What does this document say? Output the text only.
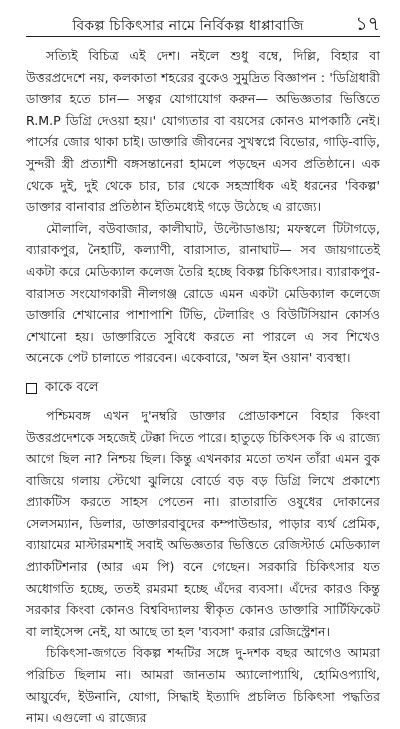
বিকল্প চিকিৎসার নামে নির্বিকল্প ধাপ্পাবাজি	১৭

সত্যিই বিচিত্র এই দেশ। নইলে শুধু বম্বে, দিল্লি, বিহার বা উত্তরপ্রদেশে নয়, কলকাতা শহরের বুকেও সুমুদ্রিত বিজ্ঞাপন : 'ডিগ্রিধারী ডাক্তার হতে চান— সত্বর যোগাযোগ করুন— অভিজ্ঞতার ভিত্তিতে R.M.P ডিগ্রি দেওয়া হয়।' যোগ্যতার বা বয়সের কোনও মাপকাঠি নেই। পার্সের জোর থাকা চাই। ডাক্তারি জীবনের সুখস্বপ্নে বিভোর, গাড়ি-বাড়ি, সুন্দরী স্ত্রী প্রত্যাশী বঙ্গসন্তানেরা হামলে পড়ছেন এসব প্রতিষ্ঠানে। এক থেকে দুই, দুই থেকে চার, চার থেকে সহস্রাধিক এই ধরনের 'বিকল্প' ডাক্তার বানাবার প্রতিষ্ঠান ইতিমধ্যেই গড়ে উঠেছে এ রাজ্যে।

মৌলালি, বউবাজার, কালীঘাট, উল্টোডাঙায়; মফস্বলে টিটাগড়ে, ব্যারাকপুর, নৈহাটি, কল্যাণী, বারাসাত, রানাঘাট— সব জায়গাতেই একটা করে মেডিক্যাল কলেজ তৈরি হচ্ছে বিকল্প চিকিৎসার। ব্যারাকপুর-বারাসত সংযোগকারী নীলগঞ্জ রোডে এমন একটা মেডিক্যাল কলেজে ডাক্তারি শেখানোর পাশাপাশি টিভি, টেলারিং ও বিউটিসিয়ান কোর্সও শেখানো হয়। ডাক্তারিতে সুবিধে করতে না পারলে এ সব শিখেও অনেকে পেট চালাতে পারবেন। একেবারে, 'অল ইন ওয়ান' ব্যবস্থা।

কাকে বলে

পশ্চিমবঙ্গ এখন দু'নম্বরি ডাক্তার প্রোডাকশনে বিহার কিংবা উত্তরপ্রদেশকে সহজেই টেক্কা দিতে পারে। হাতুড়ে চিকিৎসক কি এ রাজ্যে আগে ছিল না? নিশ্চয় ছিল। কিন্তু এখনকার মতো তখন তাঁরা এমন বুক বাজিয়ে গলায় স্টেথো ঝুলিয়ে বোর্ডে বড় বড় ডিগ্রি লিখে প্রকাশ্যে প্র্যাকটিস করতে সাহস পেতেন না। রাতারাতি ওষুধের দোকানের সেলসম্যান, ডিলার, ডাক্তারবাবুদের কম্পাউন্ডার, পাড়ার ব্যর্থ প্রেমিক, ব্যায়ামের মাস্টারমশাই সবাই অভিজ্ঞতার ভিত্তিতে রেজিস্টার্ড মেডিক্যাল প্র্যাকটিশনার (আর এম পি) বনে গেছেন। সরকারি চিকিৎসার যত অধোগতি হচ্ছে, ততই রমরমা হচ্ছে এঁদের ব্যবসা। এঁদের কারও কিন্তু সরকার কিংবা কোনও বিশ্ববিদ্যালয় স্বীকৃত কোনও ডাক্তারি সার্টিফিকেট বা লাইসেন্স নেই, যা আছে তা হল 'ব্যবসা' করার রেজিস্ট্রেশন।

চিকিৎসা-জগতে বিকল্প শব্দটির সঙ্গে দু-দশক বছর আগেও আমরা পরিচিত ছিলাম না। আমরা জানতাম অ্যালোপ্যাথি, হোমিওপ্যাথি, আয়ুর্বেদ, ইউনানি, যোগা, সিদ্ধাই ইত্যাদি প্রচলিত চিকিৎসা পদ্ধতির নাম। এগুলো এ রাজ্যের
